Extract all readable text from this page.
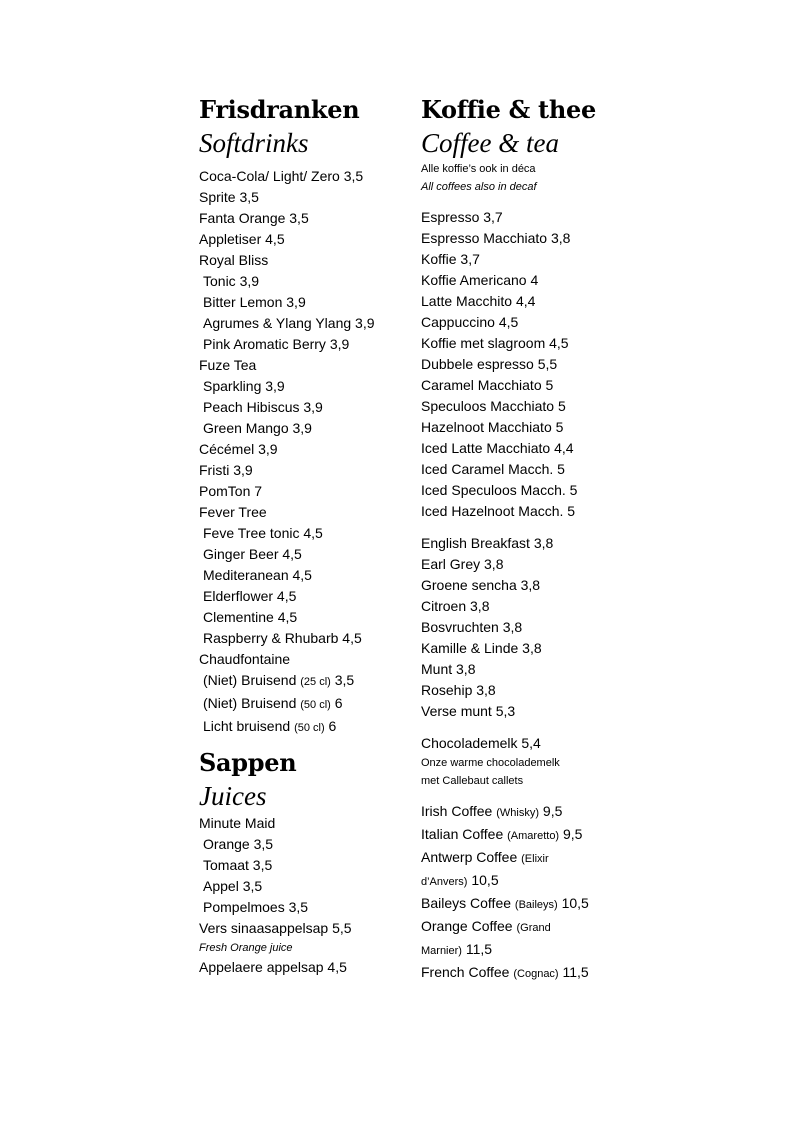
Frisdranken
Softdrinks
Coca-Cola/ Light/ Zero 3,5
Sprite 3,5
Fanta Orange 3,5
Appletiser 4,5
Royal Bliss
Tonic 3,9
Bitter Lemon 3,9
Agrumes & Ylang Ylang 3,9
Pink Aromatic Berry 3,9
Fuze Tea
Sparkling 3,9
Peach Hibiscus 3,9
Green Mango 3,9
Cécémel 3,9
Fristi 3,9
PomTon 7
Fever Tree
Feve Tree tonic 4,5
Ginger Beer 4,5
Mediteranean 4,5
Elderflower 4,5
Clementine 4,5
Raspberry & Rhubarb 4,5
Chaudfontaine
(Niet) Bruisend (25 cl) 3,5
(Niet) Bruisend (50 cl) 6
Licht bruisend (50 cl) 6
Sappen
Juices
Minute Maid
Orange 3,5
Tomaat 3,5
Appel 3,5
Pompelmoes 3,5
Vers sinaasappelsap 5,5
Fresh Orange juice
Appelaere appelsap 4,5
Koffie & thee
Coffee & tea

Alle koffie’s ook in déca

All coffees also in decaf

Espresso 3,7
Espresso Macchiato 3,8
Koffie 3,7
Koffie Americano 4
Latte Macchito 4,4
Cappuccino 4,5
Koffie met slagroom 4,5
Dubbele espresso 5,5
Caramel Macchiato 5
Speculoos Macchiato 5
Hazelnoot Macchiato 5
Iced Latte Macchiato 4,4
Iced Caramel Macch. 5
Iced Speculoos Macch. 5
Iced Hazelnoot Macch. 5
English Breakfast 3,8
Earl Grey 3,8
Groene sencha 3,8
Citroen 3,8
Bosvruchten 3,8
Kamille & Linde 3,8
Munt 3,8
Rosehip 3,8
Verse munt 5,3
Chocolademelk 5,4

Onze warme chocolademelk

met Callebaut callets

Irish Coffee (Whisky) 9,5
Italian Coffee (Amaretto) 9,5
Antwerp Coffee (Elixir
d’Anvers) 10,5
Baileys Coffee (Baileys) 10,5
Orange Coffee (Grand
Marnier) 11,5
French Coffee (Cognac) 11,5
